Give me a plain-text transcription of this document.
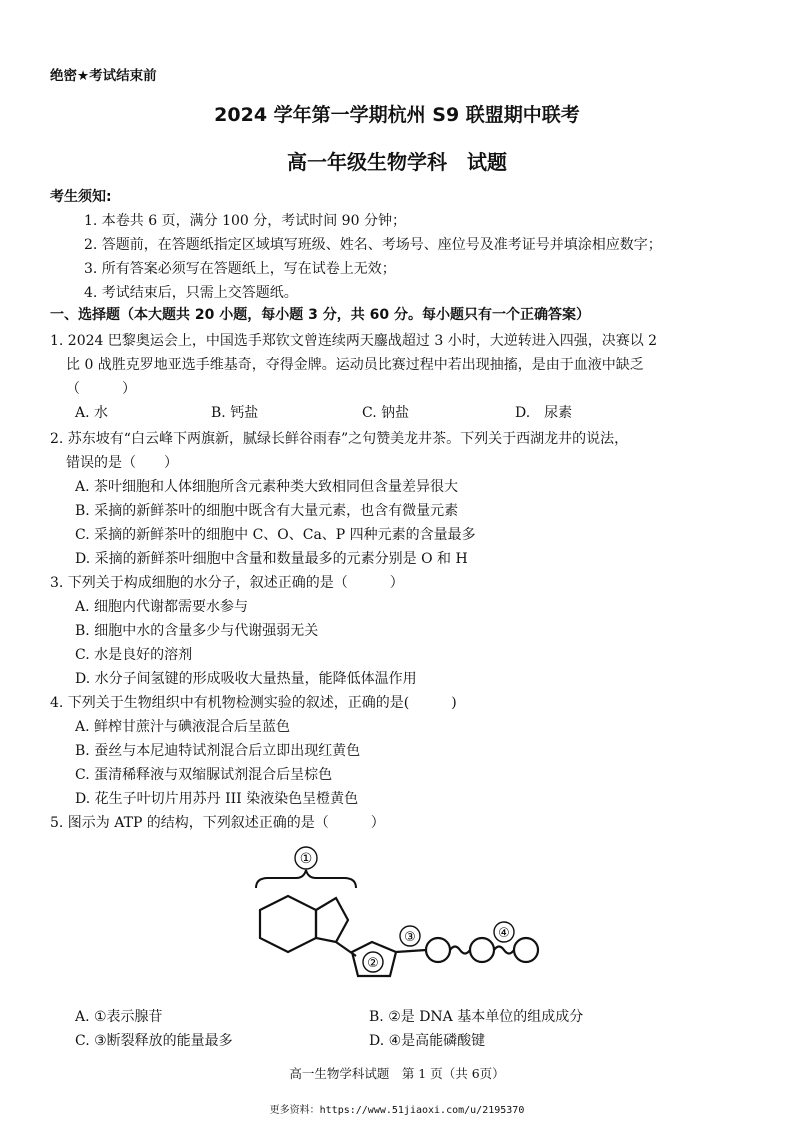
绝密★考试结束前
2024 学年第一学期杭州 S9 联盟期中联考
高一年级生物学科　试题
考生须知:
1. 本卷共 6 页，满分 100 分，考试时间 90 分钟；
2. 答题前，在答题纸指定区域填写班级、姓名、考场号、座位号及准考证号并填涂相应数字；
3. 所有答案必须写在答题纸上，写在试卷上无效；
4. 考试结束后，只需上交答题纸。
一、选择题（本大题共 20 小题，每小题 3 分，共 60 分。每小题只有一个正确答案）
1. 2024 巴黎奥运会上，中国选手郑钦文曾连续两天鏖战超过 3 小时，大逆转进入四强，决赛以 2
比 0 战胜克罗地亚选手维基奇，夺得金牌。运动员比赛过程中若出现抽搐，是由于血液中缺乏
（　　　）
A. 水	B. 钙盐	C. 钠盐	D.　尿素
2. 苏东坡有“白云峰下两旗新，腻绿长鲜谷雨春”之句赞美龙井茶。下列关于西湖龙井的说法，
错误的是（　　）
A. 茶叶细胞和人体细胞所含元素种类大致相同但含量差异很大
B. 采摘的新鲜茶叶的细胞中既含有大量元素，也含有微量元素
C. 采摘的新鲜茶叶的细胞中 C、O、Ca、P 四种元素的含量最多
D. 采摘的新鲜茶叶细胞中含量和数量最多的元素分别是 O 和 H
3. 下列关于构成细胞的水分子，叙述正确的是（　　　）
A. 细胞内代谢都需要水参与
B. 细胞中水的含量多少与代谢强弱无关
C. 水是良好的溶剂
D. 水分子间氢键的形成吸收大量热量，能降低体温作用
4. 下列关于生物组织中有机物检测实验的叙述，正确的是(　　　)
A. 鲜榨甘蔗汁与碘液混合后呈蓝色
B. 蚕丝与本尼迪特试剂混合后立即出现红黄色
C. 蛋清稀释液与双缩脲试剂混合后呈棕色
D. 花生子叶切片用苏丹 III 染液染色呈橙黄色
5. 图示为 ATP 的结构，下列叙述正确的是（　　　）
①
②
③	④
A. ①表示腺苷	B. ②是 DNA 基本单位的组成成分
C. ③断裂释放的能量最多	D. ④是高能磷酸键
高一生物学科试题　第 1 页（共 6页）
更多资料：https://www.51jiaoxi.com/u/2195370
